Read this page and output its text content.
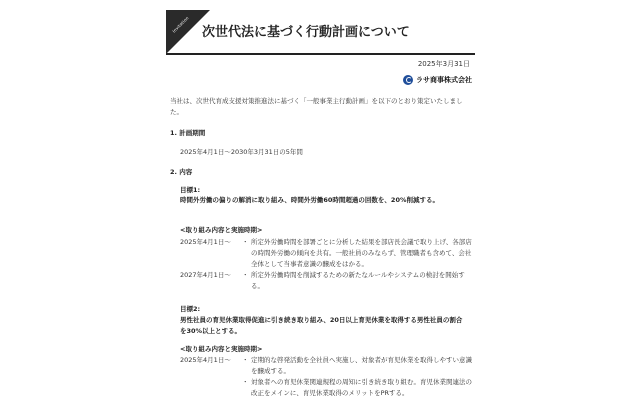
Invitation 次世代法に基づく行動計画について
2025年3月31日
ラサ商事株式会社

当社は、次世代育成支援対策推進法に基づく「一般事業主行動計画」を以下のとおり策定いたしました。

1. 計画期間
2025年4月1日〜2030年3月31日の5年間
2. 内容
目標1:

時間外労働の偏りの解消に取り組み、時間外労働60時間超過の回数を、20%削減する。

<取り組み内容と実施時期>
2025年4月1日〜	・ 所定外労働時間を部署ごとに分析した結果を部店長会議で取り上げ、各部店の時間外労働の傾向を共有。一般社員のみならず、管理職者も含めて、会社全体として当事者意識の醸成をはかる。
2027年4月1日〜	・ 所定外労働時間を削減するための新たなルールやシステムの検討を開始する。
目標2:

男性社員の育児休業取得促進に引き続き取り組み、20日以上育児休業を取得する男性社員の割合を30%以上とする。

<取り組み内容と実施時期>
2025年4月1日〜	・ 定期的な啓発活動を全社員へ実施し、対象者が育児休業を取得しやすい意識を醸成する。
・ 対象者への育児休業関連規程の周知に引き続き取り組む。育児休業関連法の改正をメインに、育児休業取得のメリットをPRする。
